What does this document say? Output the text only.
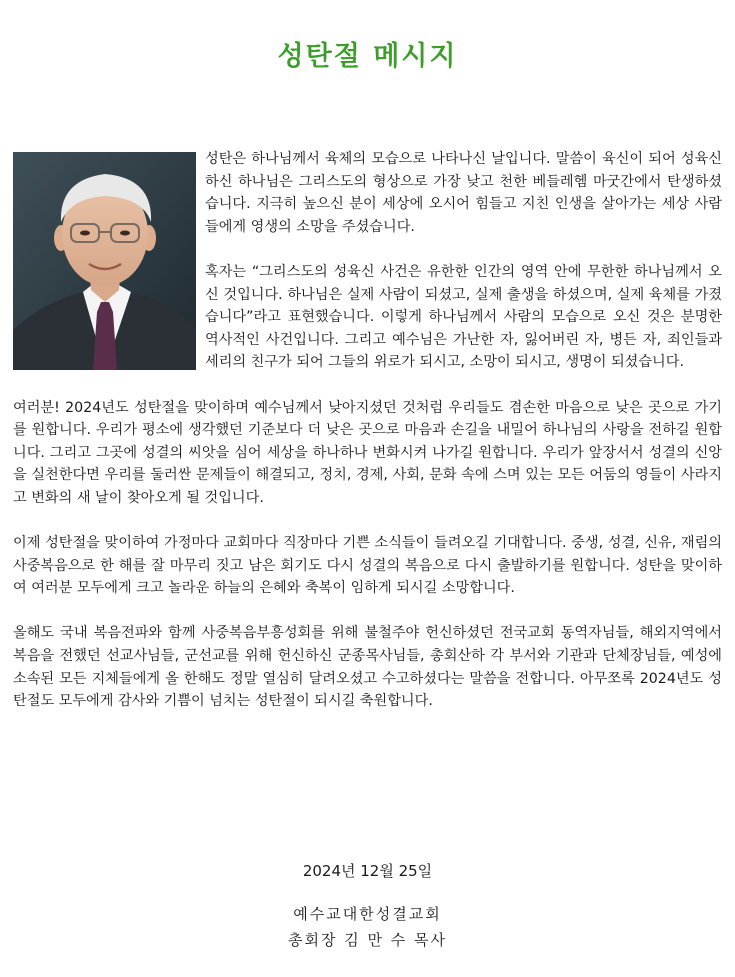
성탄절 메시지

성탄은 하나님께서 육체의 모습으로 나타나신 날입니다. 말씀이 육신이 되어 성육신하신 하나님은 그리스도의 형상으로 가장 낮고 천한 베들레헴 마굿간에서 탄생하셨습니다. 지극히 높으신 분이 세상에 오시어 힘들고 지친 인생을 살아가는 세상 사람들에게 영생의 소망을 주셨습니다.

혹자는 “그리스도의 성육신 사건은 유한한 인간의 영역 안에 무한한 하나님께서 오신 것입니다. 하나님은 실제 사람이 되셨고, 실제 출생을 하셨으며, 실제 육체를 가졌습니다”라고 표현했습니다. 이렇게 하나님께서 사람의 모습으로 오신 것은 분명한 역사적인 사건입니다. 그리고 예수님은 가난한 자, 잃어버린 자, 병든 자, 죄인들과 세리의 친구가 되어 그들의 위로가 되시고, 소망이 되시고, 생명이 되셨습니다.

여러분! 2024년도 성탄절을 맞이하며 예수님께서 낮아지셨던 것처럼 우리들도 겸손한 마음으로 낮은 곳으로 가기를 원합니다. 우리가 평소에 생각했던 기준보다 더 낮은 곳으로 마음과 손길을 내밀어 하나님의 사랑을 전하길 원합니다. 그리고 그곳에 성결의 씨앗을 심어 세상을 하나하나 변화시켜 나가길 원합니다. 우리가 앞장서서 성결의 신앙을 실천한다면 우리를 둘러싼 문제들이 해결되고, 정치, 경제, 사회, 문화 속에 스며 있는 모든 어둠의 영들이 사라지고 변화의 새 날이 찾아오게 될 것입니다.

이제 성탄절을 맞이하여 가정마다 교회마다 직장마다 기쁜 소식들이 들려오길 기대합니다. 중생, 성결, 신유, 재림의 사중복음으로 한 해를 잘 마무리 짓고 남은 회기도 다시 성결의 복음으로 다시 출발하기를 원합니다. 성탄을 맞이하여 여러분 모두에게 크고 놀라운 하늘의 은혜와 축복이 임하게 되시길 소망합니다.

올해도 국내 복음전파와 함께 사중복음부흥성회를 위해 불철주야 헌신하셨던 전국교회 동역자님들, 해외지역에서 복음을 전했던 선교사님들, 군선교를 위해 헌신하신 군종목사님들, 총회산하 각 부서와 기관과 단체장님들, 예성에 소속된 모든 지체들에게 올 한해도 정말 열심히 달려오셨고 수고하셨다는 말씀을 전합니다. 아무쪼록 2024년도 성탄절도 모두에게 감사와 기쁨이 넘치는 성탄절이 되시길 축원합니다.

2024년 12월 25일
예수교대한성결교회
총회장 김 만 수 목사
